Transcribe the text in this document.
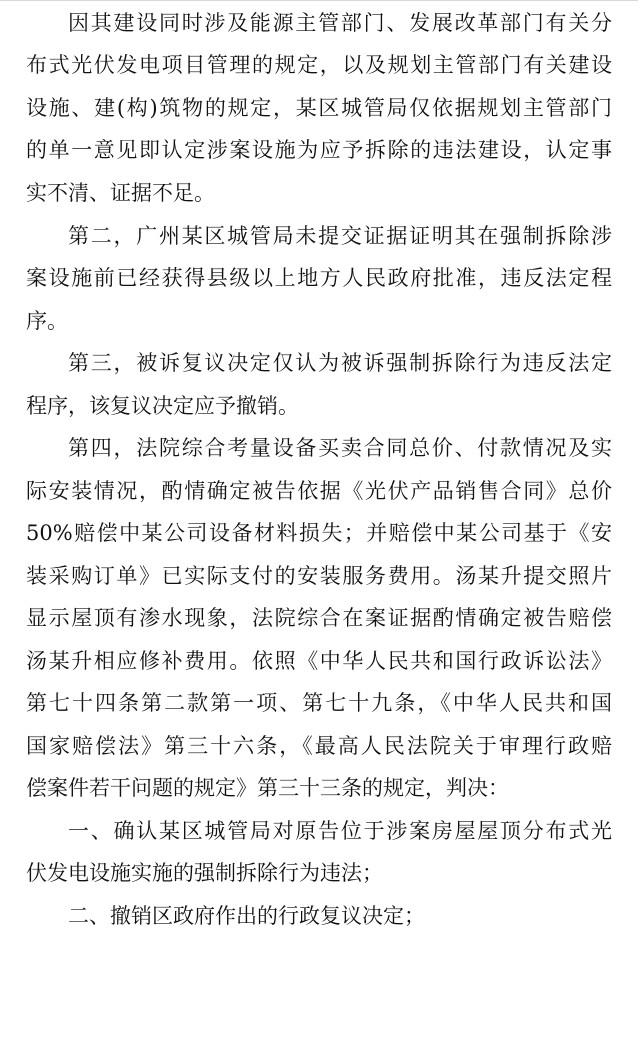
因其建设同时涉及能源主管部门、发展改革部门有关分
布式光伏发电项目管理的规定，以及规划主管部门有关建设
设施、建(构)筑物的规定，某区城管局仅依据规划主管部门
的单一意见即认定涉案设施为应予拆除的违法建设，认定事
实不清、证据不足。
第二，广州某区城管局未提交证据证明其在强制拆除涉
案设施前已经获得县级以上地方人民政府批准，违反法定程
序。
第三，被诉复议决定仅认为被诉强制拆除行为违反法定
程序，该复议决定应予撤销。
第四，法院综合考量设备买卖合同总价、付款情况及实
际安装情况，酌情确定被告依据《光伏产品销售合同》总价
50%赔偿中某公司设备材料损失；并赔偿中某公司基于《安
装采购订单》已实际支付的安装服务费用。汤某升提交照片
显示屋顶有渗水现象，法院综合在案证据酌情确定被告赔偿
汤某升相应修补费用。依照《中华人民共和国行政诉讼法》
第七十四条第二款第一项、第七十九条，《中华人民共和国
国家赔偿法》第三十六条，《最高人民法院关于审理行政赔
偿案件若干问题的规定》第三十三条的规定，判决：
一、确认某区城管局对原告位于涉案房屋屋顶分布式光
伏发电设施实施的强制拆除行为违法；
二、撤销区政府作出的行政复议决定；
